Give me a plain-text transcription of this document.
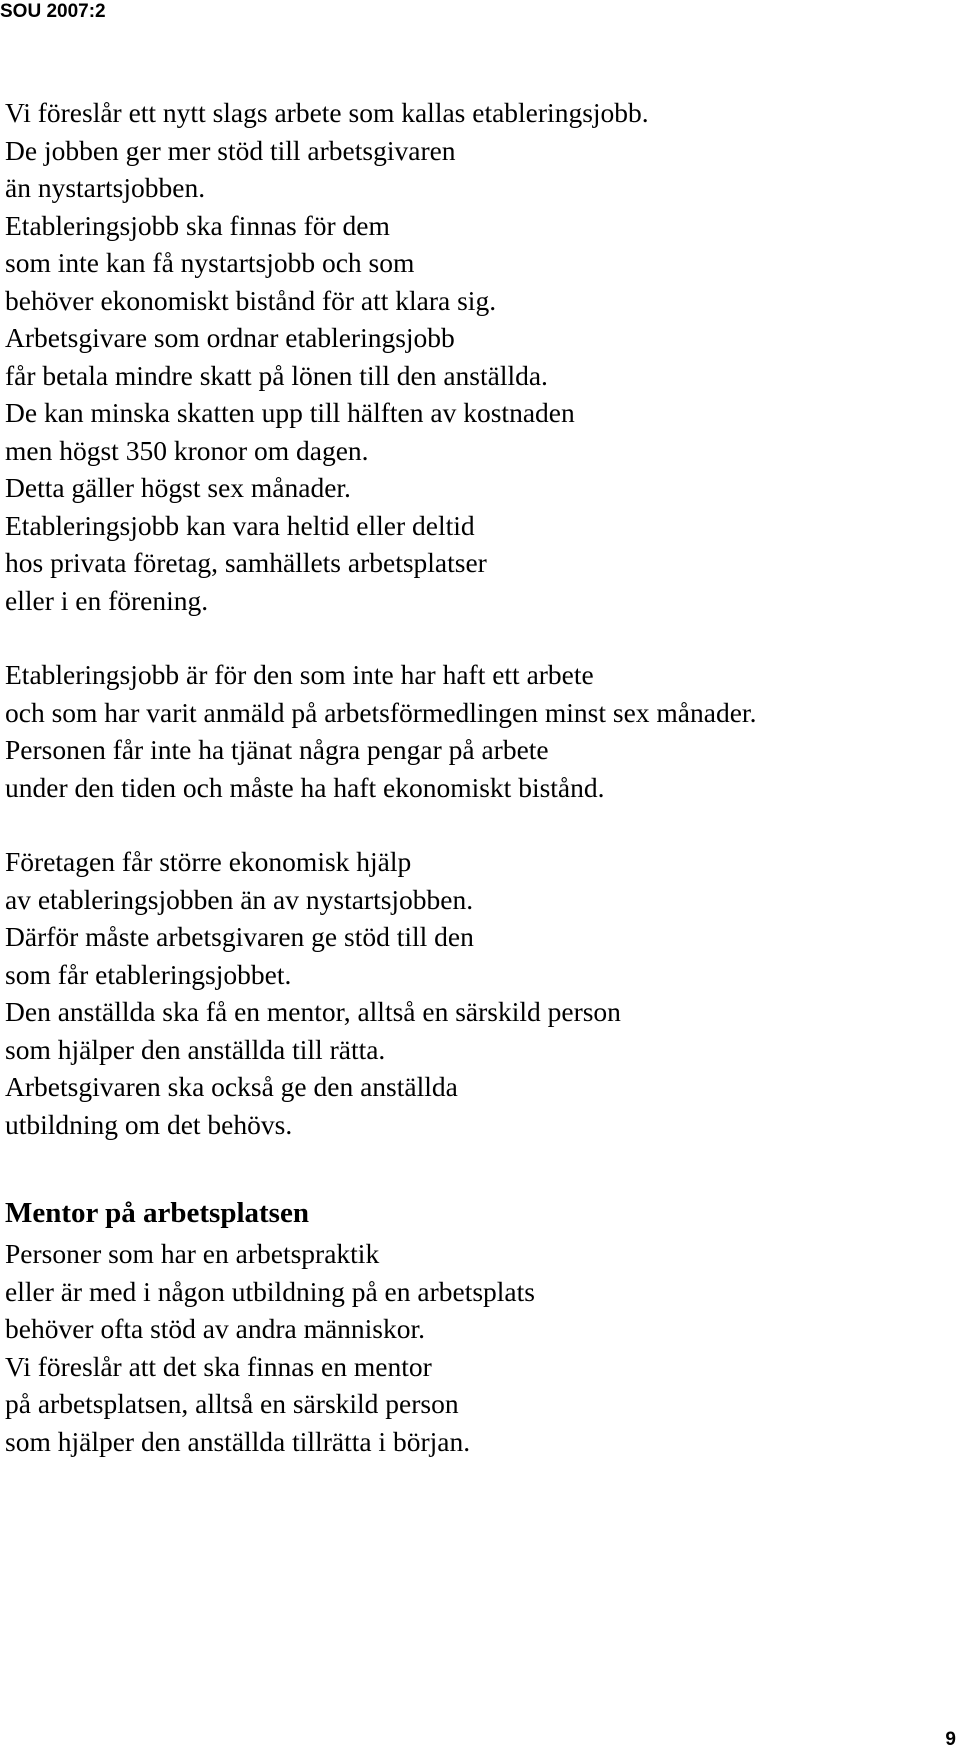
SOU 2007:2
Vi föreslår ett nytt slags arbete som kallas etableringsjobb.
De jobben ger mer stöd till arbetsgivaren
än nystartsjobben.
Etableringsjobb ska finnas för dem
som inte kan få nystartsjobb och som
behöver ekonomiskt bistånd för att klara sig.
Arbetsgivare som ordnar etableringsjobb
får betala mindre skatt på lönen till den anställda.
De kan minska skatten upp till hälften av kostnaden
men högst 350 kronor om dagen.
Detta gäller högst sex månader.
Etableringsjobb kan vara heltid eller deltid
hos privata företag, samhällets arbetsplatser
eller i en förening.
Etableringsjobb är för den som inte har haft ett arbete
och som har varit anmäld på arbetsförmedlingen minst sex månader.
Personen får inte ha tjänat några pengar på arbete
under den tiden och måste ha haft ekonomiskt bistånd.
Företagen får större ekonomisk hjälp
av etableringsjobben än av nystartsjobben.
Därför måste arbetsgivaren ge stöd till den
som får etableringsjobbet.
Den anställda ska få en mentor, alltså en särskild person
som hjälper den anställda till rätta.
Arbetsgivaren ska också ge den anställda
utbildning om det behövs.
Mentor på arbetsplatsen
Personer som har en arbetspraktik
eller är med i någon utbildning på en arbetsplats
behöver ofta stöd av andra människor.
Vi föreslår att det ska finnas en mentor
på arbetsplatsen, alltså en särskild person
som hjälper den anställda tillrätta i början.
9
